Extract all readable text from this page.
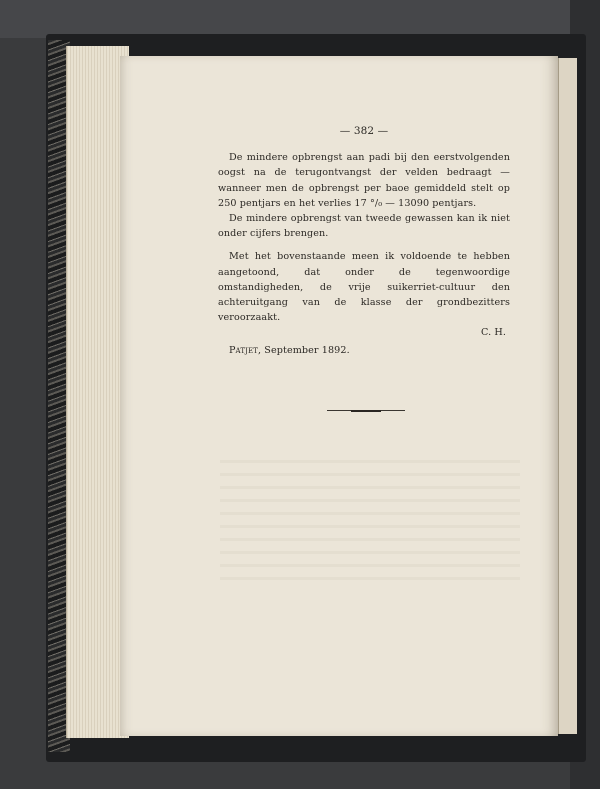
— 382 —

De mindere opbrengst aan padi bij den eerstvolgenden oogst na de terugontvangst der velden bedraagt — wanneer men de opbrengst per baoe gemiddeld stelt op 250 pentjars en het verlies 17 °/₀ — 13090 pentjars.

De mindere opbrengst van tweede gewassen kan ik niet onder cijfers brengen.

Met het bovenstaande meen ik voldoende te hebben aangetoond, dat onder de tegenwoordige omstandigheden, de vrije suikerriet-cultuur den achteruitgang van de klasse der grondbezitters veroorzaakt.

C. H.

Patjet, September 1892.
